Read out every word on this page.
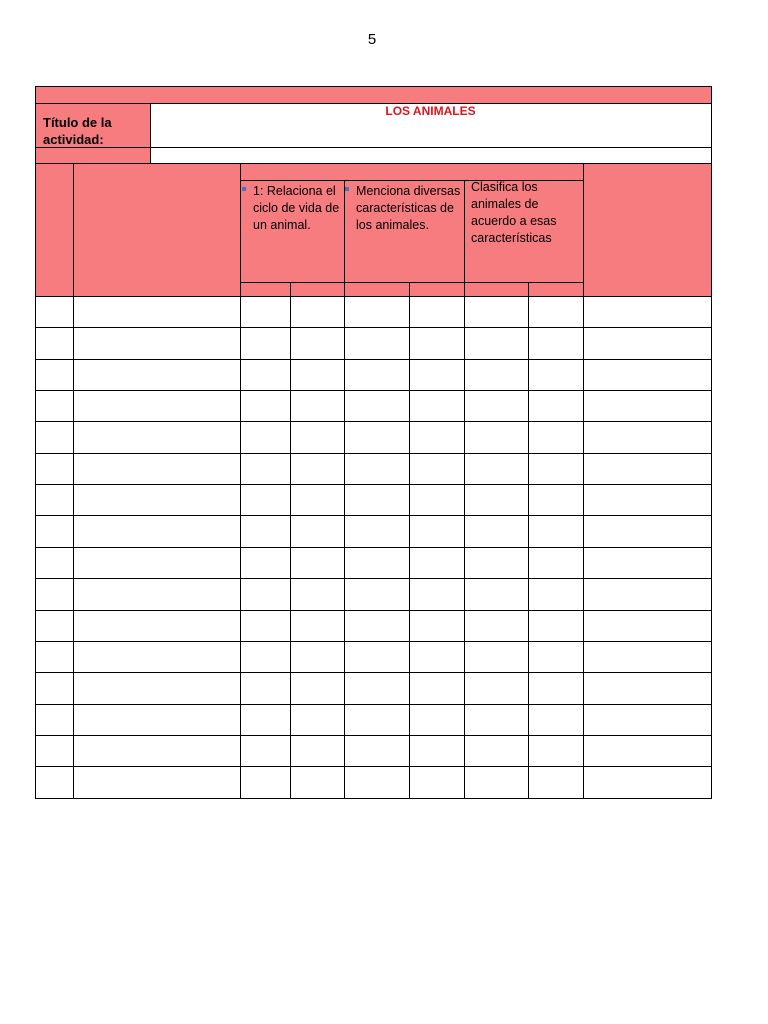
5
Título de la actividad:
LOS ANIMALES
1: Relaciona el ciclo de vida de un animal.
Menciona diversas características de los animales.
Clasifica los animales de acuerdo a esas características
